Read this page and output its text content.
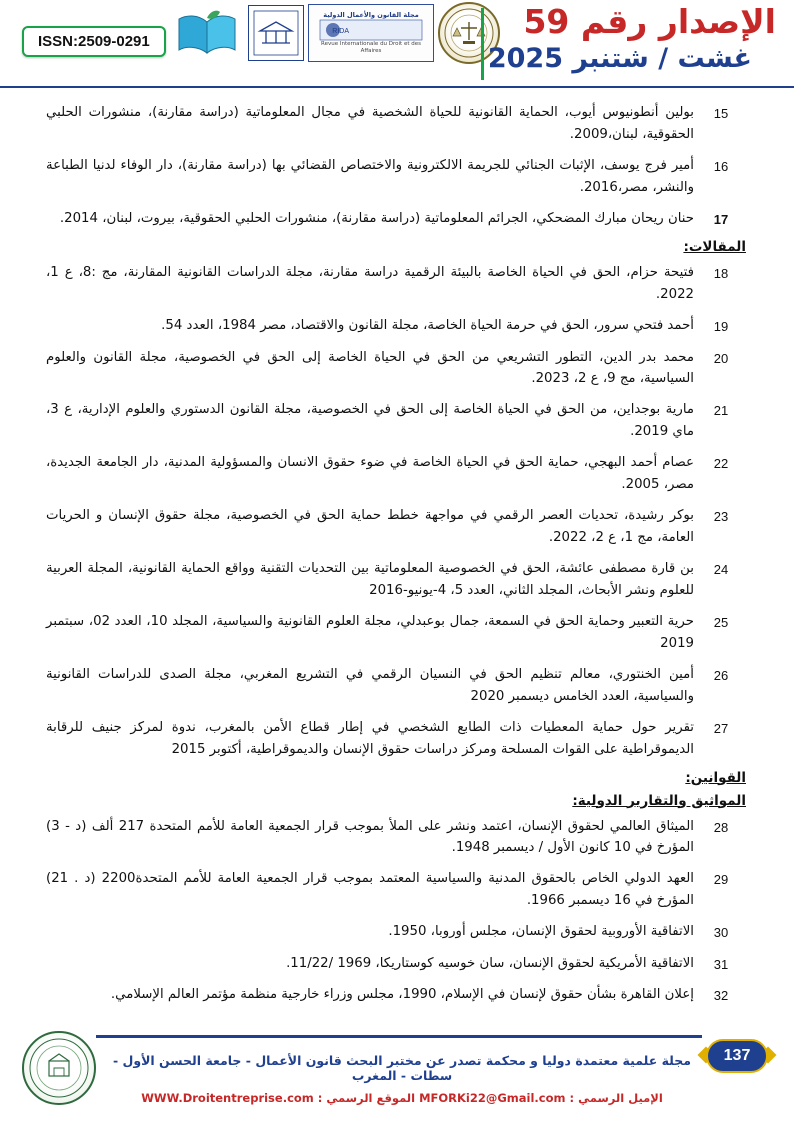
ISSN:2509-0291
مجلة القانون والأعمال الدولية
RIDA
Revue Internationale du Droit et des Affaires
الإصدار رقم 59
غشت / شتنبر 2025
15
بولين أنطونيوس أيوب، الحماية القانونية للحياة الشخصية في مجال المعلوماتية (دراسة مقارنة)، منشورات الحلبي الحقوقية، لبنان،2009.
16
أمير فرج يوسف، الإثبات الجنائي للجريمة الالكترونية والاختصاص القضائي بها (دراسة مقارنة)، دار الوفاء لدنيا الطباعة والنشر، مصر،2016.
17
حنان ريحان مبارك المضحكي، الجرائم المعلوماتية (دراسة مقارنة)، منشورات الحلبي الحقوقية، بيروت، لبنان، 2014.
المقالات:
18
فتيحة حزام، الحق في الحياة الخاصة بالبيئة الرقمية دراسة مقارنة، مجلة الدراسات القانونية المقارنة، مج :8، ع 1، 2022.
19
أحمد فتحي سرور، الحق في حرمة الحياة الخاصة، مجلة القانون والاقتصاد، مصر 1984، العدد 54.
20
محمد بدر الدين، التطور التشريعي من الحق في الحياة الخاصة إلى الحق في الخصوصية، مجلة القانون والعلوم السياسية، مج 9، ع 2، 2023.
21
مارية بوجداين، من الحق في الحياة الخاصة إلى الحق في الخصوصية، مجلة القانون الدستوري والعلوم الإدارية، ع 3، ماي 2019.
22
عصام أحمد البهجي، حماية الحق في الحياة الخاصة في ضوء حقوق الانسان والمسؤولية المدنية، دار الجامعة الجديدة، مصر، 2005.
23
بوكر رشيدة، تحديات العصر الرقمي في مواجهة خطط حماية الحق في الخصوصية، مجلة حقوق الإنسان و الحريات العامة، مج 1، ع 2، 2022.
24
بن قارة مصطفى عائشة، الحق في الخصوصية المعلوماتية بين التحديات التقنية وواقع الحماية القانونية، المجلة العربية للعلوم ونشر الأبحاث، المجلد الثاني، العدد 5، 4-يونيو-2016
25
حرية التعبير وحماية الحق في السمعة، جمال بوعبدلي، مجلة العلوم القانونية والسياسية، المجلد 10، العدد 02، سبتمبر 2019
26
أمين الخنتوري، معالم تنظيم الحق في النسيان الرقمي في التشريع المغربي، مجلة الصدى للدراسات القانونية والسياسية، العدد الخامس ديسمبر 2020
27
تقرير حول حماية المعطيات ذات الطابع الشخصي في إطار قطاع الأمن بالمغرب، ندوة لمركز جنيف للرقابة الديموقراطية على القوات المسلحة ومركز دراسات حقوق الإنسان والديموقراطية، أكتوبر 2015
القوانين:
المواثيق والتقارير الدولية:
28
الميثاق العالمي لحقوق الإنسان، اعتمد ونشر على الملأ بموجب قرار الجمعية العامة للأمم المتحدة 217 ألف (د - 3) المؤرخ في 10 كانون الأول / ديسمبر 1948.
29
العهد الدولي الخاص بالحقوق المدنية والسياسية المعتمد بموجب قرار الجمعية العامة للأمم المتحدة2200 (د . 21) المؤرخ في 16 ديسمبر 1966.
30
الاتفاقية الأوروبية لحقوق الإنسان، مجلس أوروبا، 1950.
31
الاتفاقية الأمريكية لحقوق الإنسان، سان خوسيه كوستاريكا، 1969 /11/22.
32
إعلان القاهرة بشأن حقوق لإنسان في الإسلام، 1990، مجلس وزراء خارجية منظمة مؤتمر العالم الإسلامي.
مجلة علمية معتمدة دوليا و محكمة تصدر عن مختبر البحث قانون الأعمال - جامعة الحسن الأول - سطات - المغرب
الإميل الرسمي : MFORKi22@Gmail.com الموقع الرسمي : WWW.Droitentreprise.com
137
